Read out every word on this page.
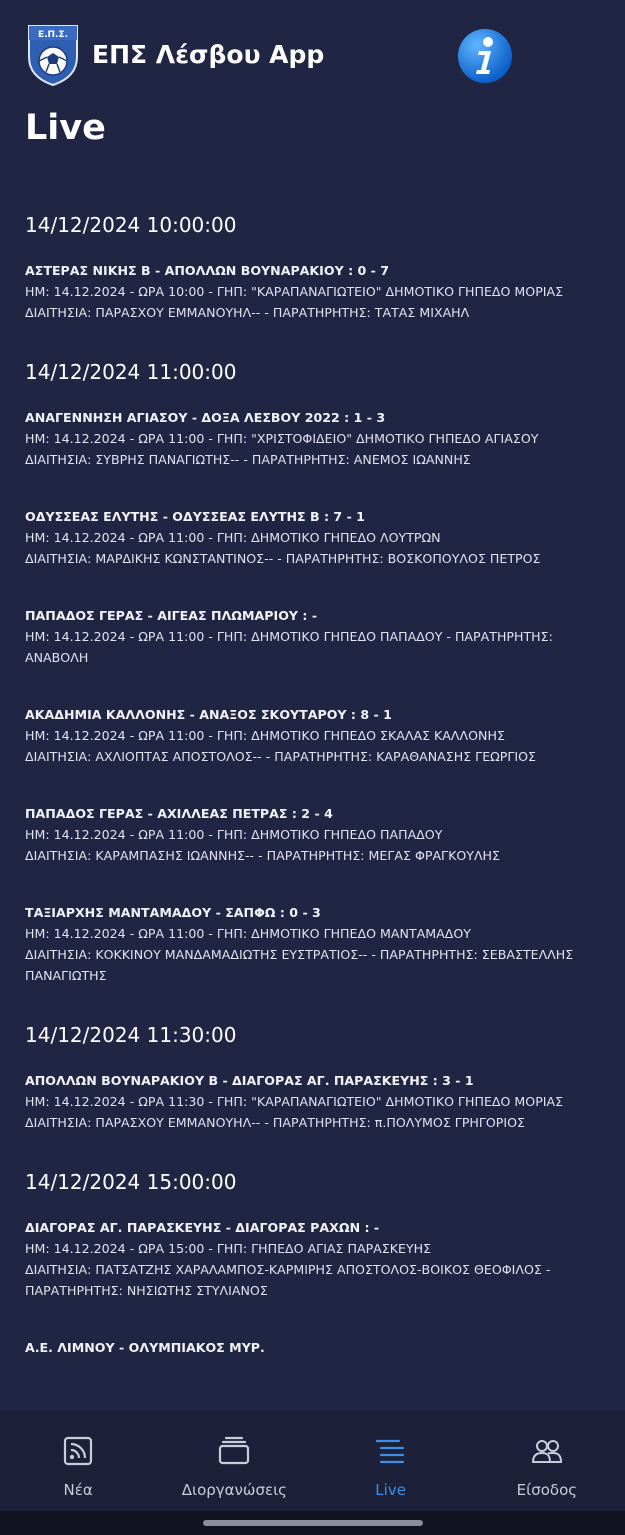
Ε.Π.Σ.
ΕΠΣ Λέσβου App
Live
14/12/2024 10:00:00
ΑΣΤΕΡΑΣ ΝΙΚΗΣ Β - ΑΠΟΛΛΩΝ ΒΟΥΝΑΡΑΚΙΟΥ : 0 - 7
ΗΜ: 14.12.2024 - ΩΡΑ 10:00 - ΓΗΠ: "ΚΑΡΑΠΑΝΑΓΙΩΤΕΙΟ" ΔΗΜΟΤΙΚΟ ΓΗΠΕΔΟ ΜΟΡΙΑΣ
ΔΙΑΙΤΗΣΙΑ: ΠΑΡΑΣΧΟΥ ΕΜΜΑΝΟΥΗΛ-- - ΠΑΡΑΤΗΡΗΤΗΣ: ΤΑΤΑΣ ΜΙΧΑΗΛ
14/12/2024 11:00:00
ΑΝΑΓΕΝΝΗΣΗ ΑΓΙΑΣΟΥ - ΔΟΞΑ ΛΕΣΒΟΥ 2022 : 1 - 3
ΗΜ: 14.12.2024 - ΩΡΑ 11:00 - ΓΗΠ: "ΧΡΙΣΤΟΦΙΔΕΙΟ" ΔΗΜΟΤΙΚΟ ΓΗΠΕΔΟ ΑΓΙΑΣΟΥ
ΔΙΑΙΤΗΣΙΑ: ΣΥΒΡΗΣ ΠΑΝΑΓΙΩΤΗΣ-- - ΠΑΡΑΤΗΡΗΤΗΣ: ΑΝΕΜΟΣ ΙΩΑΝΝΗΣ
ΟΔΥΣΣΕΑΣ ΕΛΥΤΗΣ - ΟΔΥΣΣΕΑΣ ΕΛΥΤΗΣ Β : 7 - 1
ΗΜ: 14.12.2024 - ΩΡΑ 11:00 - ΓΗΠ: ΔΗΜΟΤΙΚΟ ΓΗΠΕΔΟ ΛΟΥΤΡΩΝ
ΔΙΑΙΤΗΣΙΑ: ΜΑΡΔΙΚΗΣ ΚΩΝΣΤΑΝΤΙΝΟΣ-- - ΠΑΡΑΤΗΡΗΤΗΣ: ΒΟΣΚΟΠΟΥΛΟΣ ΠΕΤΡΟΣ
ΠΑΠΑΔΟΣ ΓΕΡΑΣ - ΑΙΓΕΑΣ ΠΛΩΜΑΡΙΟΥ : -
ΗΜ: 14.12.2024 - ΩΡΑ 11:00 - ΓΗΠ: ΔΗΜΟΤΙΚΟ ΓΗΠΕΔΟ ΠΑΠΑΔΟΥ - ΠΑΡΑΤΗΡΗΤΗΣ:
ΑΝΑΒΟΛΗ
ΑΚΑΔΗΜΙΑ ΚΑΛΛΟΝΗΣ - ΑΝΑΞΟΣ ΣΚΟΥΤΑΡΟΥ : 8 - 1
ΗΜ: 14.12.2024 - ΩΡΑ 11:00 - ΓΗΠ: ΔΗΜΟΤΙΚΟ ΓΗΠΕΔΟ ΣΚΑΛΑΣ ΚΑΛΛΟΝΗΣ
ΔΙΑΙΤΗΣΙΑ: ΑΧΛΙΟΠΤΑΣ ΑΠΟΣΤΟΛΟΣ-- - ΠΑΡΑΤΗΡΗΤΗΣ: ΚΑΡΑΘΑΝΑΣΗΣ ΓΕΩΡΓΙΟΣ
ΠΑΠΑΔΟΣ ΓΕΡΑΣ - ΑΧΙΛΛΕΑΣ ΠΕΤΡΑΣ : 2 - 4
ΗΜ: 14.12.2024 - ΩΡΑ 11:00 - ΓΗΠ: ΔΗΜΟΤΙΚΟ ΓΗΠΕΔΟ ΠΑΠΑΔΟΥ
ΔΙΑΙΤΗΣΙΑ: ΚΑΡΑΜΠΑΣΗΣ ΙΩΑΝΝΗΣ-- - ΠΑΡΑΤΗΡΗΤΗΣ: ΜΕΓΑΣ ΦΡΑΓΚΟΥΛΗΣ
ΤΑΞΙΑΡΧΗΣ ΜΑΝΤΑΜΑΔΟΥ - ΣΑΠΦΩ : 0 - 3
ΗΜ: 14.12.2024 - ΩΡΑ 11:00 - ΓΗΠ: ΔΗΜΟΤΙΚΟ ΓΗΠΕΔΟ ΜΑΝΤΑΜΑΔΟΥ
ΔΙΑΙΤΗΣΙΑ: ΚΟΚΚΙΝΟΥ ΜΑΝΔΑΜΑΔΙΩΤΗΣ ΕΥΣΤΡΑΤΙΟΣ-- - ΠΑΡΑΤΗΡΗΤΗΣ: ΣΕΒΑΣΤΕΛΛΗΣ ΠΑΝΑΓΙΩΤΗΣ
14/12/2024 11:30:00
ΑΠΟΛΛΩΝ ΒΟΥΝΑΡΑΚΙΟΥ Β - ΔΙΑΓΟΡΑΣ ΑΓ. ΠΑΡΑΣΚΕΥΗΣ : 3 - 1
ΗΜ: 14.12.2024 - ΩΡΑ 11:30 - ΓΗΠ: "ΚΑΡΑΠΑΝΑΓΙΩΤΕΙΟ" ΔΗΜΟΤΙΚΟ ΓΗΠΕΔΟ ΜΟΡΙΑΣ
ΔΙΑΙΤΗΣΙΑ: ΠΑΡΑΣΧΟΥ ΕΜΜΑΝΟΥΗΛ-- - ΠΑΡΑΤΗΡΗΤΗΣ: π.ΠΟΛΥΜΟΣ ΓΡΗΓΟΡΙΟΣ
14/12/2024 15:00:00
ΔΙΑΓΟΡΑΣ ΑΓ. ΠΑΡΑΣΚΕΥΗΣ - ΔΙΑΓΟΡΑΣ ΡΑΧΩΝ : -
ΗΜ: 14.12.2024 - ΩΡΑ 15:00 - ΓΗΠ: ΓΗΠΕΔΟ ΑΓΙΑΣ ΠΑΡΑΣΚΕΥΗΣ
ΔΙΑΙΤΗΣΙΑ: ΠΑΤΣΑΤΖΗΣ ΧΑΡΑΛΑΜΠΟΣ-ΚΑΡΜΙΡΗΣ ΑΠΟΣΤΟΛΟΣ-ΒΟΙΚΟΣ ΘΕΟΦΙΛΟΣ - ΠΑΡΑΤΗΡΗΤΗΣ: ΝΗΣΙΩΤΗΣ ΣΤΥΛΙΑΝΟΣ
Α.Ε. ΛΙΜΝΟΥ - ΟΛΥΜΠΙΑΚΟΣ ΜΥΡ.
Νέα	Διοργανώσεις	Live	Είσοδος
